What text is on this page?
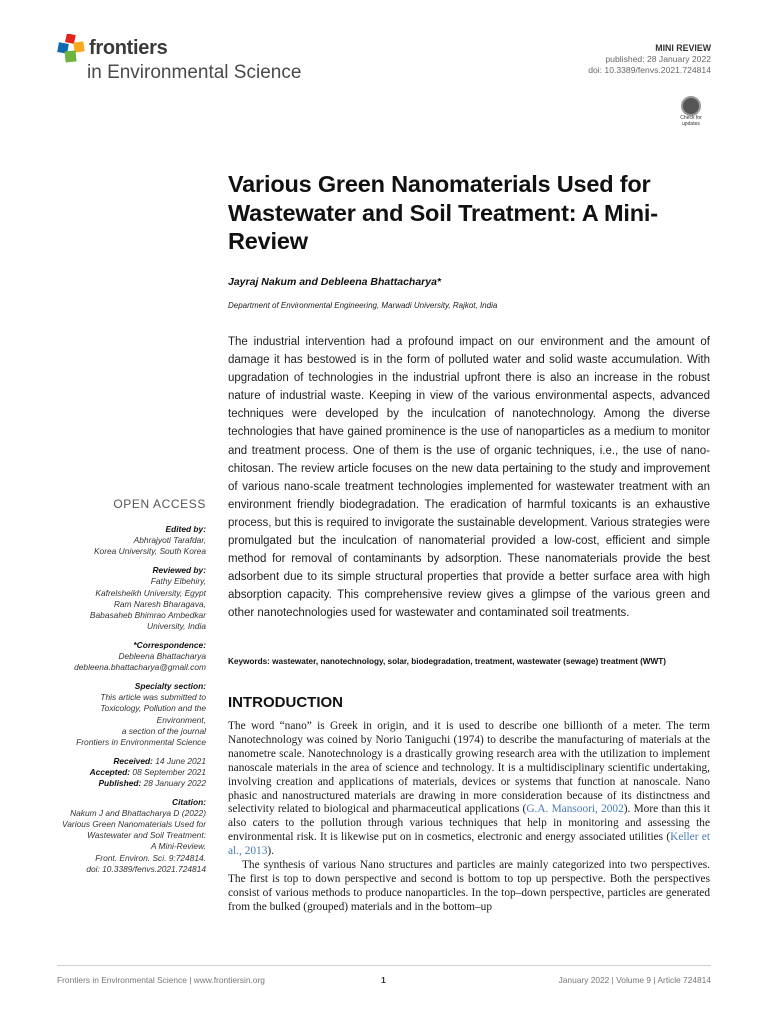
frontiers
in Environmental Science
MINI REVIEW
published: 28 January 2022
doi: 10.3389/fenvs.2021.724814
Check for updates
Various Green Nanomaterials Used for Wastewater and Soil Treatment: A Mini-Review
Jayraj Nakum and Debleena Bhattacharya*
Department of Environmental Engineering, Marwadi University, Rajkot, India

The industrial intervention had a profound impact on our environment and the amount of damage it has bestowed is in the form of polluted water and solid waste accumulation. With upgradation of technologies in the industrial upfront there is also an increase in the robust nature of industrial waste. Keeping in view of the various environmental aspects, advanced techniques were developed by the inculcation of nanotechnology. Among the diverse technologies that have gained prominence is the use of nanoparticles as a medium to monitor and treatment process. One of them is the use of organic techniques, i.e., the use of nano-chitosan. The review article focuses on the new data pertaining to the study and improvement of various nano-scale treatment technologies implemented for wastewater treatment with an environment friendly biodegradation. The eradication of harmful toxicants is an exhaustive process, but this is required to invigorate the sustainable development. Various strategies were promulgated but the inculcation of nanomaterial provided a low-cost, efficient and simple method for removal of contaminants by adsorption. These nanomaterials provide the best adsorbent due to its simple structural properties that provide a better surface area with high absorption capacity. This comprehensive review gives a glimpse of the various green and other nanotechnologies used for wastewater and contaminated soil treatments.

Keywords: wastewater, nanotechnology, solar, biodegradation, treatment, wastewater (sewage) treatment (WWT)

INTRODUCTION

The word “nano” is Greek in origin, and it is used to describe one billionth of a meter. The term Nanotechnology was coined by Norio Taniguchi (1974) to describe the manufacturing of materials at the nanometre scale. Nanotechnology is a drastically growing research area with the utilization to implement nanoscale materials in the area of science and technology. It is a multidisciplinary scientific undertaking, involving creation and applications of materials, devices or systems that function at nanoscale. Nano phasic and nanostructured materials are drawing in more consideration because of its distinctness and selectivity related to biological and pharmaceutical applications (G.A. Mansoori, 2002). More than this it also caters to the pollution through various techniques that help in monitoring and assessing the environmental risk. It is likewise put on in cosmetics, electronic and energy associated utilities (Keller et al., 2013).

The synthesis of various Nano structures and particles are mainly categorized into two perspectives. The first is top to down perspective and second is bottom to top up perspective. Both the perspectives consist of various methods to produce nanoparticles. In the top–down perspective, particles are generated from the bulked (grouped) materials and in the bottom–up

OPEN ACCESS
Edited by:
Abhrajyoti Tarafdar,
Korea University, South Korea
Reviewed by:
Fathy Elbehiry,
Kafrelsheikh University, Egypt
Ram Naresh Bharagava,
Babasaheb Bhimrao Ambedkar
University, India
*Correspondence:
Debleena Bhattacharya
debleena.bhattacharya@gmail.com
Specialty section:
This article was submitted to
Toxicology, Pollution and the
Environment,
a section of the journal
Frontiers in Environmental Science
Received: 14 June 2021
Accepted: 08 September 2021
Published: 28 January 2022
Citation:
Nakum J and Bhattacharya D (2022)
Various Green Nanomaterials Used for
Wastewater and Soil Treatment:
A Mini-Review.
Front. Environ. Sci. 9:724814.
doi: 10.3389/fenvs.2021.724814
Frontiers in Environmental Science | www.frontiersin.org	1	January 2022 | Volume 9 | Article 724814
